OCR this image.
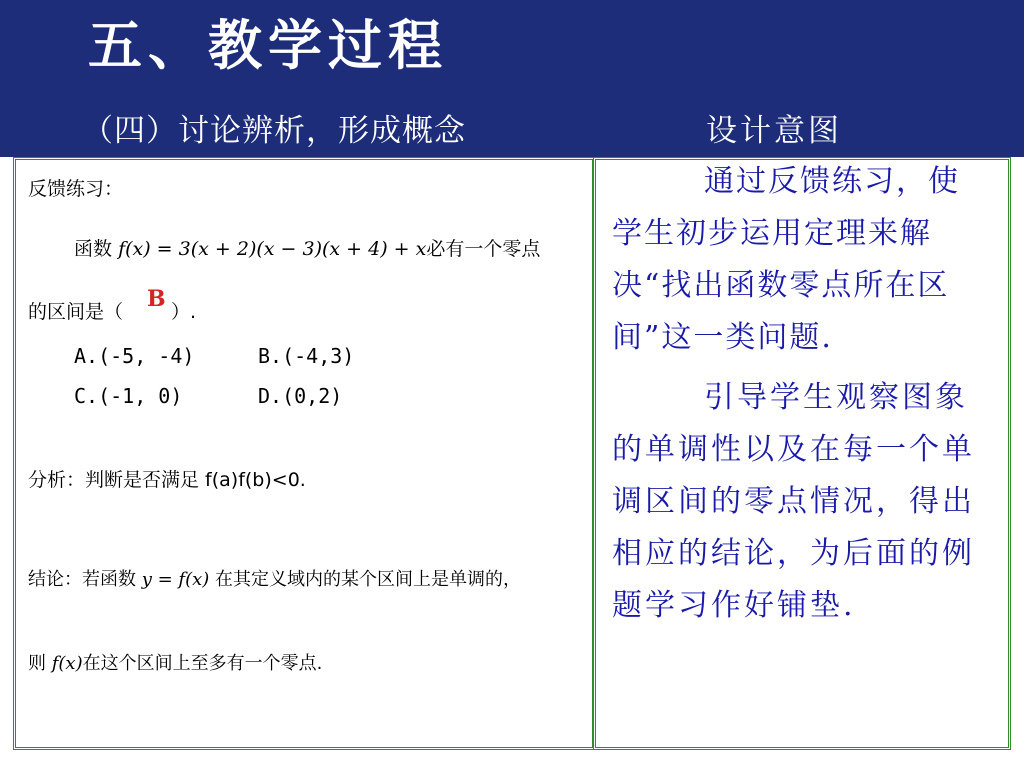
五、教学过程
（四）讨论辨析，形成概念	设计意图
反馈练习：
函数 f(x) = 3(x + 2)(x − 3)(x + 4) + x必有一个零点
的区间是（	）.
B
A.(-5, -4)	B.(-4,3)
C.(-1, 0)	D.(0,2)
分析：判断是否满足 f(a)f(b)<0.
结论：若函数 y = f(x) 在其定义域内的某个区间上是单调的，
则 f(x)在这个区间上至多有一个零点.

通过反馈练习，使学生初步运用定理来解决“找出函数零点所在区间”这一类问题.

引导学生观察图象的单调性以及在每一个单调区间的零点情况，得出相应的结论，为后面的例题学习作好铺垫.
